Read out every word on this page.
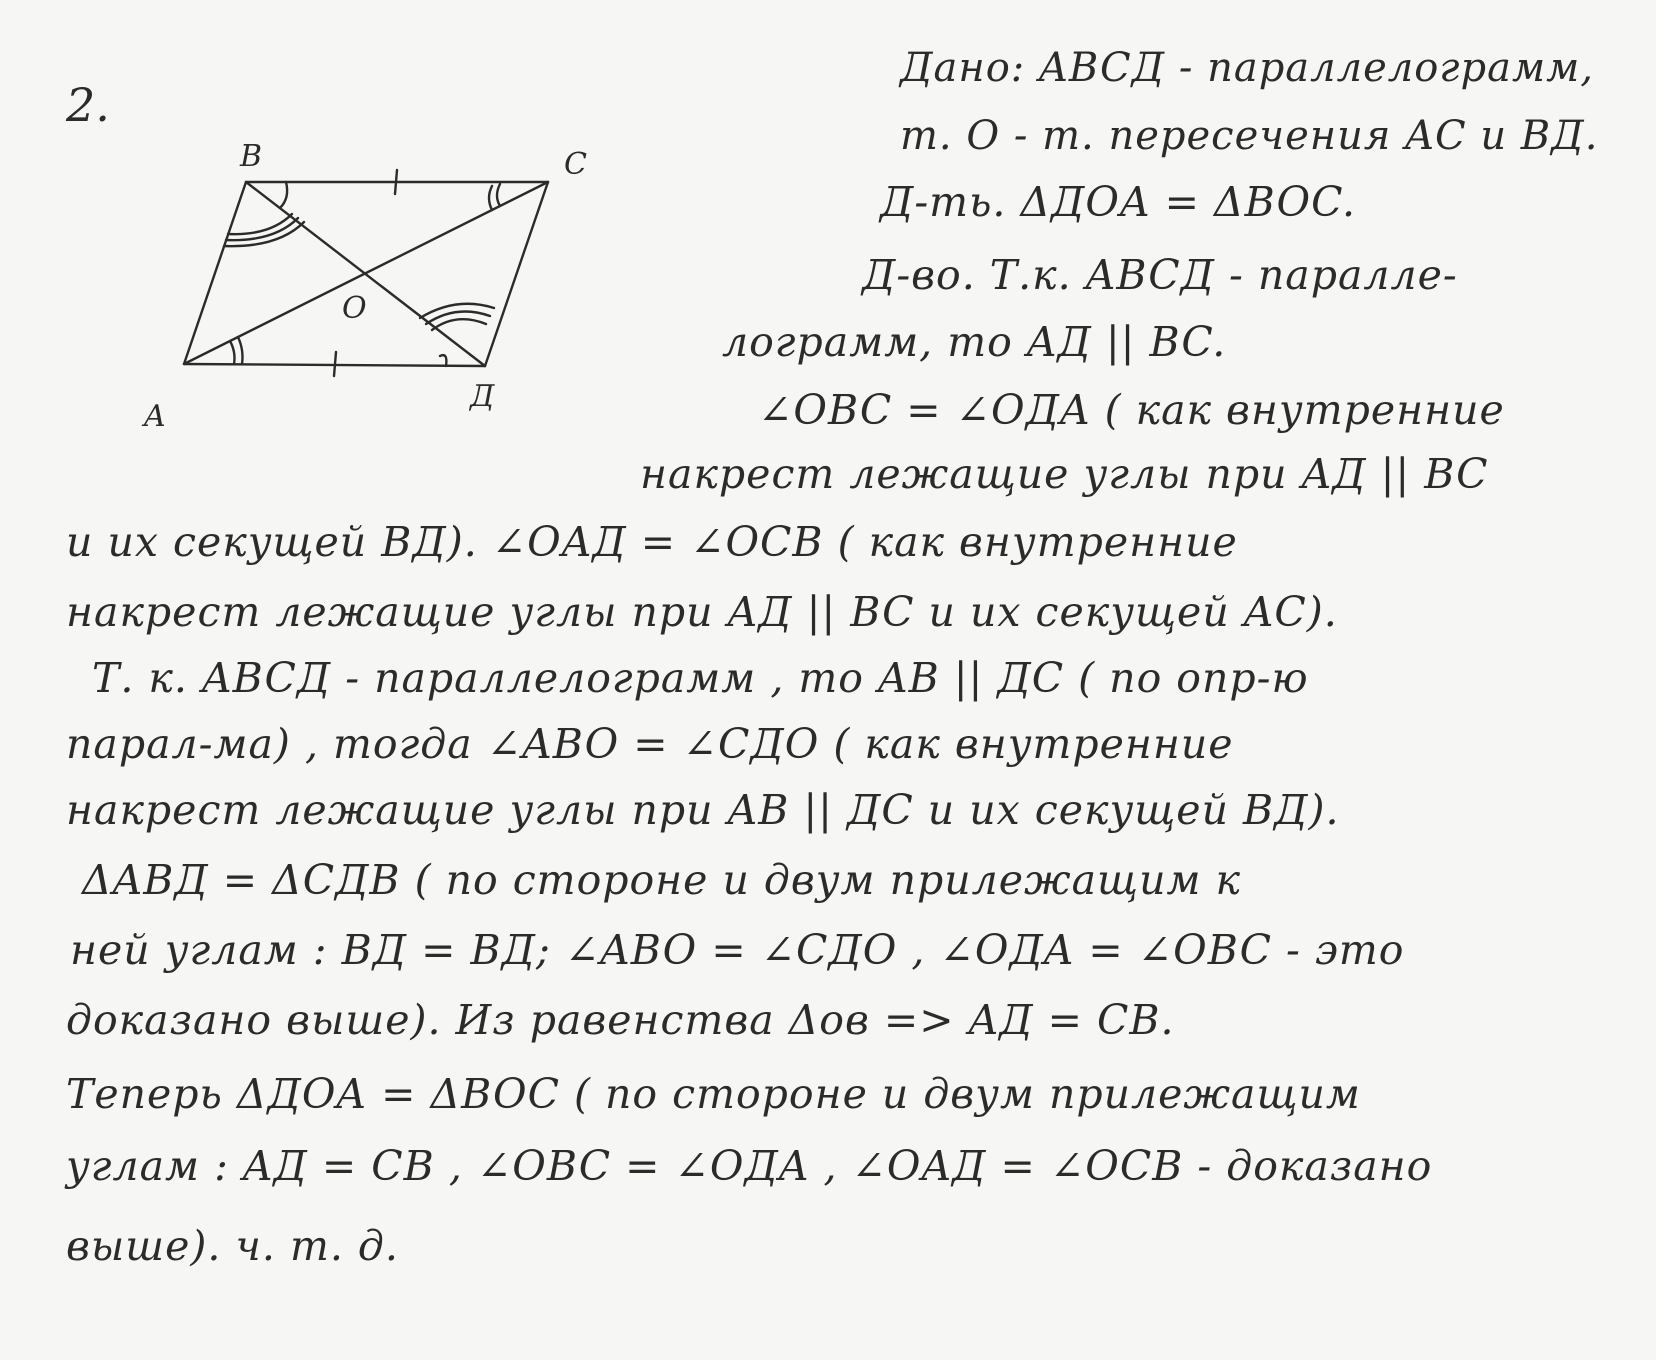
2.
B	C
A
Д
O
Дано: ABCД - параллелограмм,
т. O - т. пересечения AC и BД.
Д-ть. ΔДOA = ΔBOC.
Д-во. Т.к. ABCД - паралле-
лограмм, то AД || BC.
∠OBC = ∠OДA ( как внутренние
накрест лежащие углы при AД || BC
и их секущей BД). ∠OAД = ∠OCB ( как внутренние
накрест лежащие углы при AД || BC и их секущей AC).
Т. к. ABCД - параллелограмм , то AB || ДC ( по опр-ю
парал-ма) , тогда ∠ABO = ∠CДO ( как внутренние
накрест лежащие углы при AB || ДC и их секущей BД).
ΔABД = ΔCДB ( по стороне и двум прилежащим к
ней углам : BД = BД; ∠ABO = ∠CДO , ∠OДA = ∠OBC - это
доказано выше). Из равенства Δов => AД = CB.
Теперь ΔДOA = ΔBOC ( по стороне и двум прилежащим
углам : AД = CB , ∠OBC = ∠OДA , ∠OAД = ∠OCB - доказано
выше). ч. т. д.
